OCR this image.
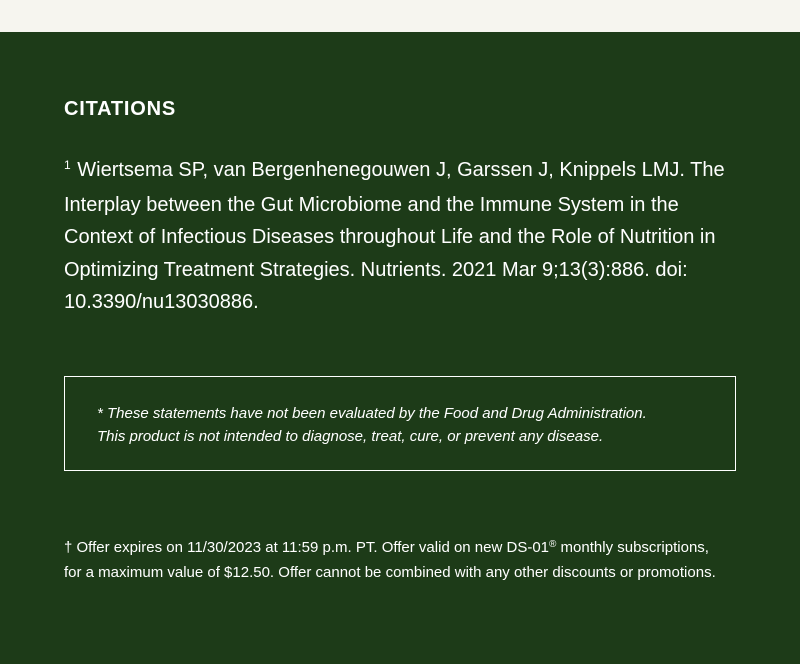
CITATIONS
$^1$ Wiertsema SP, van Bergenhenegouwen J, Garssen J, Knippels LMJ. The Interplay between the Gut Microbiome and the Immune System in the Context of Infectious Diseases throughout Life and the Role of Nutrition in Optimizing Treatment Strategies. Nutrients. 2021 Mar 9;13(3):886. doi: 10.3390/nu13030886.
* These statements have not been evaluated by the Food and Drug Administration.
This product is not intended to diagnose, treat, cure, or prevent any disease.
† Offer expires on 11/30/2023 at 11:59 p.m. PT. Offer valid on new DS-01® monthly subscriptions, for a maximum value of $12.50. Offer cannot be combined with any other discounts or promotions.
